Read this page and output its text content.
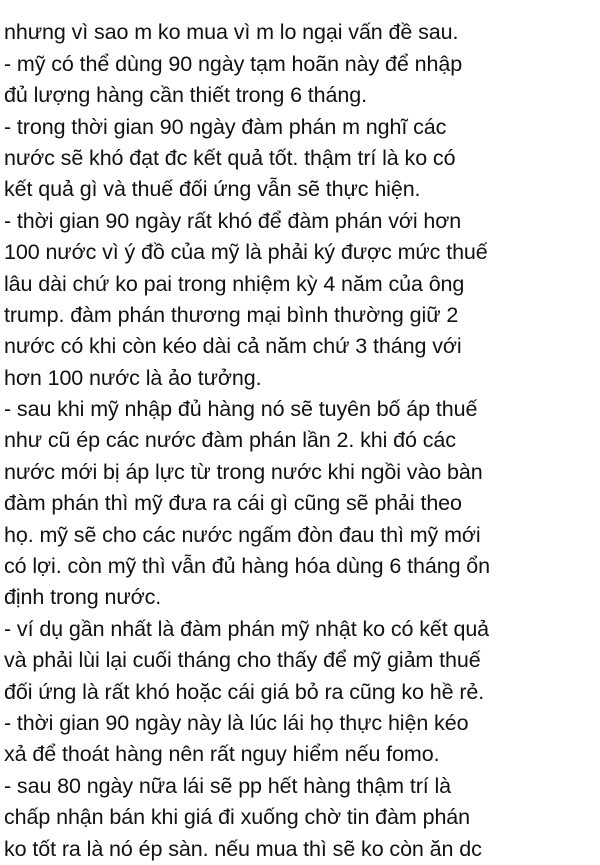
nhưng vì sao m ko mua vì m lo ngại vấn đề sau.
- mỹ có thể dùng 90 ngày tạm hoãn này để nhập
đủ lượng hàng cần thiết trong 6 tháng.
- trong thời gian 90 ngày đàm phán m nghĩ các
nước sẽ khó đạt đc kết quả tốt. thậm trí là ko có
kết quả gì và thuế đối ứng vẫn sẽ thực hiện.
- thời gian 90 ngày rất khó để đàm phán với hơn
100 nước vì ý đồ của mỹ là phải ký được mức thuế
lâu dài chứ ko pai trong nhiệm kỳ 4 năm của ông
trump. đàm phán thương mại bình thường giữ 2
nước có khi còn kéo dài cả năm chứ 3 tháng với
hơn 100 nước là ảo tưởng.
- sau khi mỹ nhập đủ hàng nó sẽ tuyên bố áp thuế
như cũ ép các nước đàm phán lần 2. khi đó các
nước mới bị áp lực từ trong nước khi ngồi vào bàn
đàm phán thì mỹ đưa ra cái gì cũng sẽ phải theo
họ. mỹ sẽ cho các nước ngấm đòn đau thì mỹ mới
có lợi. còn mỹ thì vẫn đủ hàng hóa dùng 6 tháng ổn
định trong nước.
- ví dụ gần nhất là đàm phán mỹ nhật ko có kết quả
và phải lùi lại cuối tháng cho thấy để mỹ giảm thuế
đối ứng là rất khó hoặc cái giá bỏ ra cũng ko hề rẻ.
- thời gian 90 ngày này là lúc lái họ thực hiện kéo
xả để thoát hàng nên rất nguy hiểm nếu fomo.
- sau 80 ngày nữa lái sẽ pp hết hàng thậm trí là
chấp nhận bán khi giá đi xuống chờ tin đàm phán
ko tốt ra là nó ép sàn. nếu mua thì sẽ ko còn ăn dc
